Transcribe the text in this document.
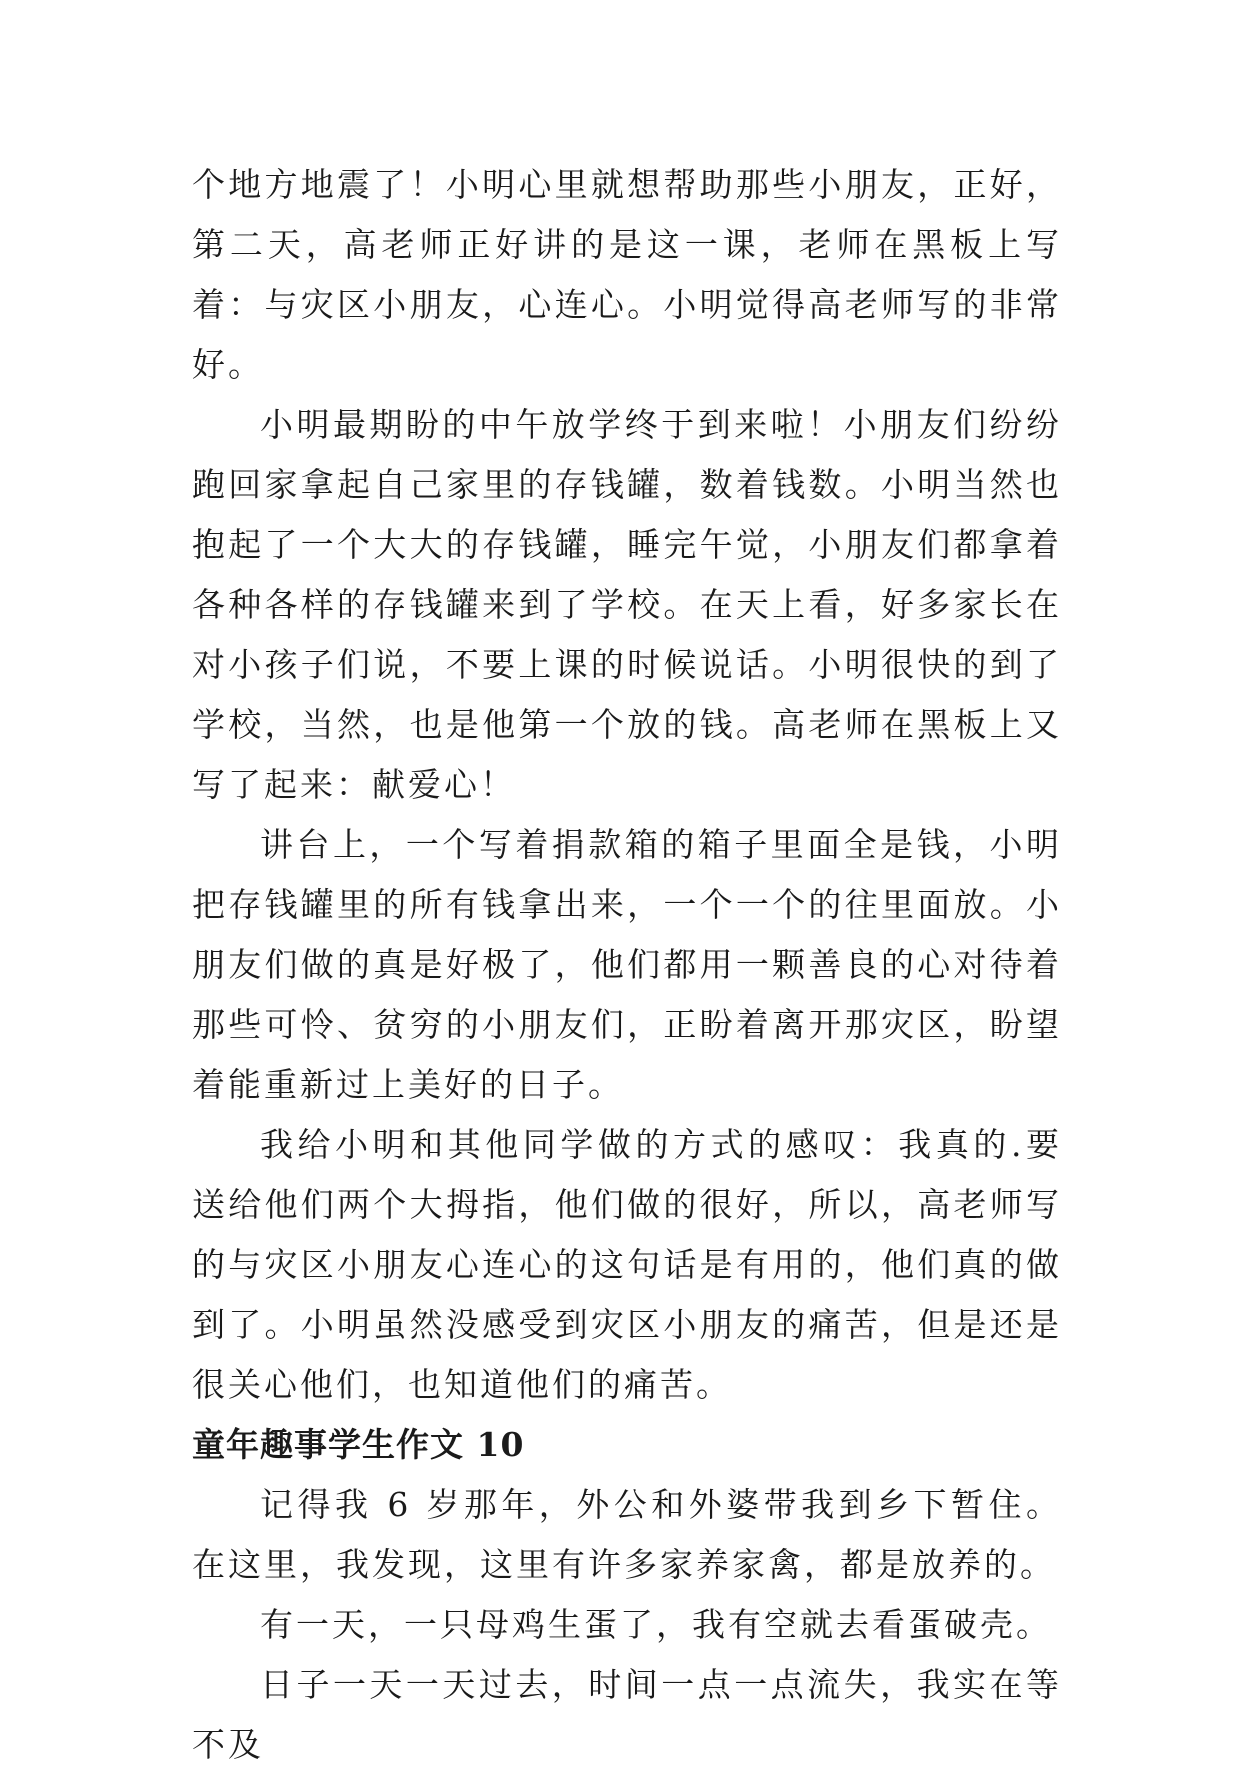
个地方地震了！小明心里就想帮助那些小朋友，正好，第二天，高老师正好讲的是这一课，老师在黑板上写着：与灾区小朋友，心连心。小明觉得高老师写的非常好。

小明最期盼的中午放学终于到来啦！小朋友们纷纷跑回家拿起自己家里的存钱罐，数着钱数。小明当然也抱起了一个大大的存钱罐，睡完午觉，小朋友们都拿着各种各样的存钱罐来到了学校。在天上看，好多家长在对小孩子们说，不要上课的时候说话。小明很快的到了学校，当然，也是他第一个放的钱。高老师在黑板上又写了起来：献爱心！

讲台上，一个写着捐款箱的箱子里面全是钱，小明把存钱罐里的所有钱拿出来，一个一个的往里面放。小朋友们做的真是好极了，他们都用一颗善良的心对待着那些可怜、贫穷的小朋友们，正盼着离开那灾区，盼望着能重新过上美好的日子。

我给小明和其他同学做的方式的感叹：我真的.要送给他们两个大拇指，他们做的很好，所以，高老师写的与灾区小朋友心连心的这句话是有用的，他们真的做到了。小明虽然没感受到灾区小朋友的痛苦，但是还是很关心他们，也知道他们的痛苦。

童年趣事学生作文 10

记得我 6 岁那年，外公和外婆带我到乡下暂住。在这里，我发现，这里有许多家养家禽，都是放养的。

有一天，一只母鸡生蛋了，我有空就去看蛋破壳。

日子一天一天过去，时间一点一点流失，我实在等不及
